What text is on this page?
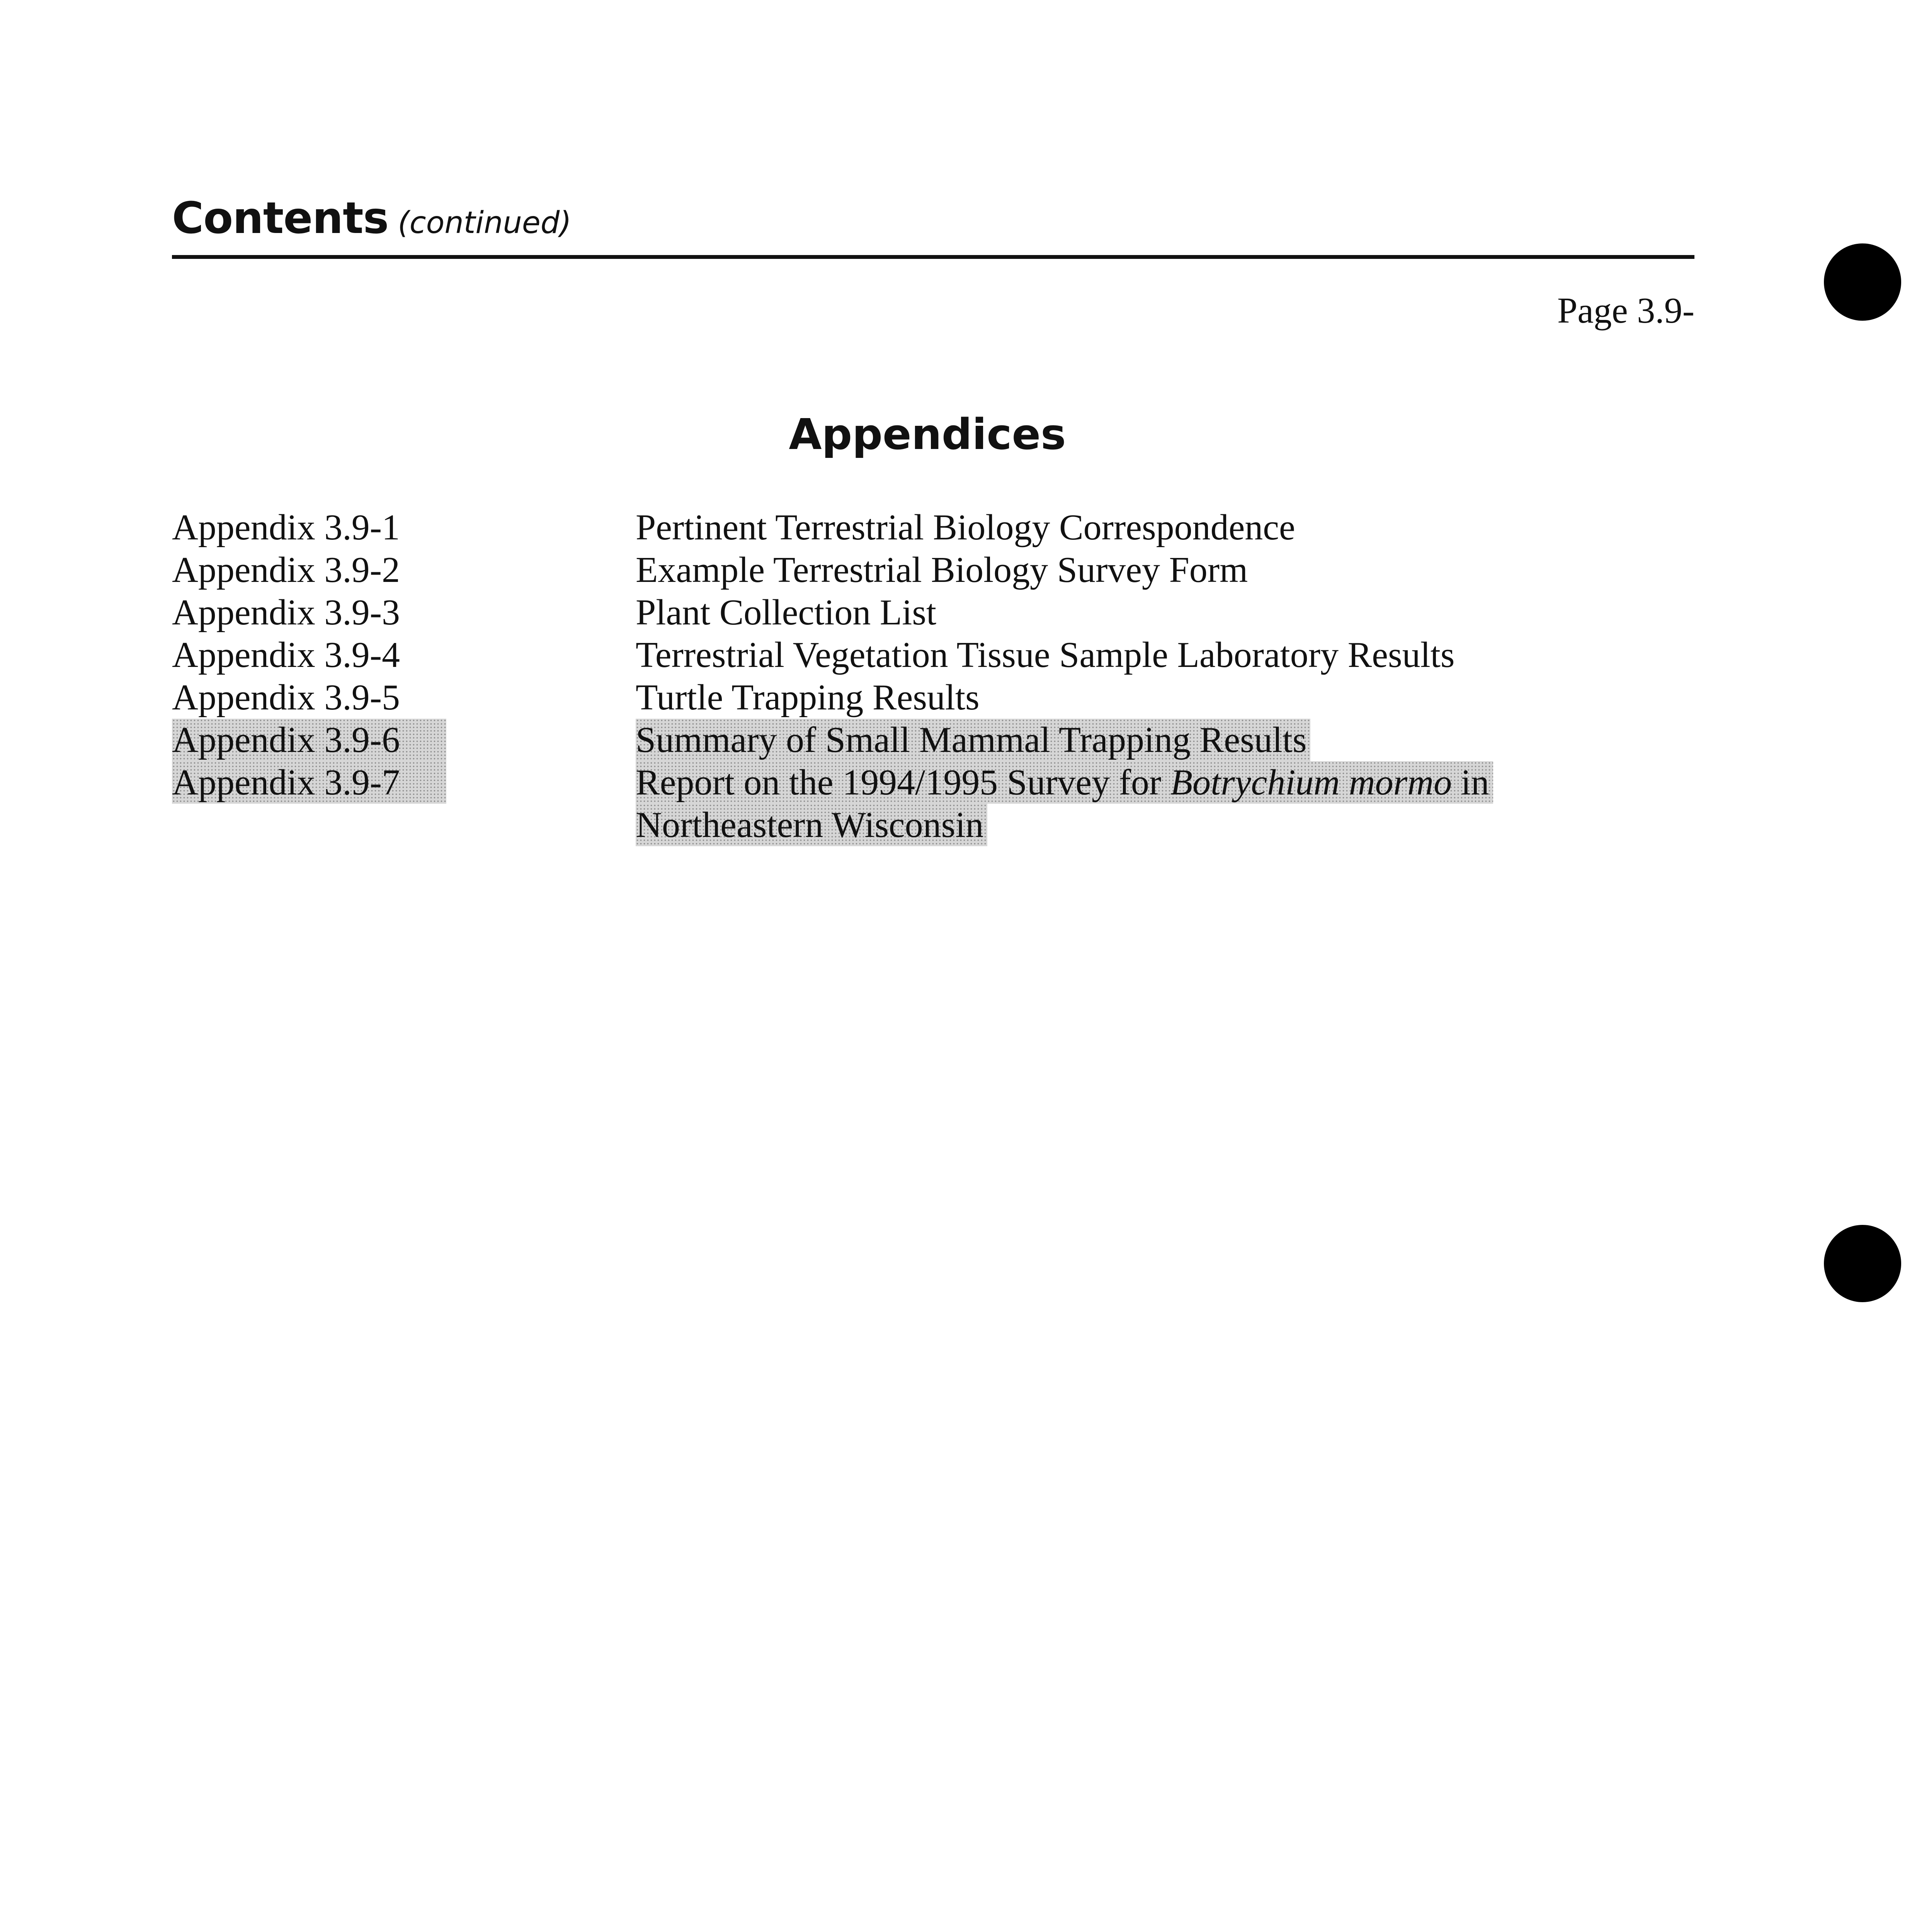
Contents (continued)
Page 3.9-
Appendices
Appendix 3.9-1	Pertinent Terrestrial Biology Correspondence
Appendix 3.9-2	Example Terrestrial Biology Survey Form
Appendix 3.9-3	Plant Collection List
Appendix 3.9-4	Terrestrial Vegetation Tissue Sample Laboratory Results
Appendix 3.9-5	Turtle Trapping Results
Appendix 3.9-6	Summary of Small Mammal Trapping Results
Appendix 3.9-7	Report on the 1994/1995 Survey for Botrychium mormo in
Northeastern Wisconsin
